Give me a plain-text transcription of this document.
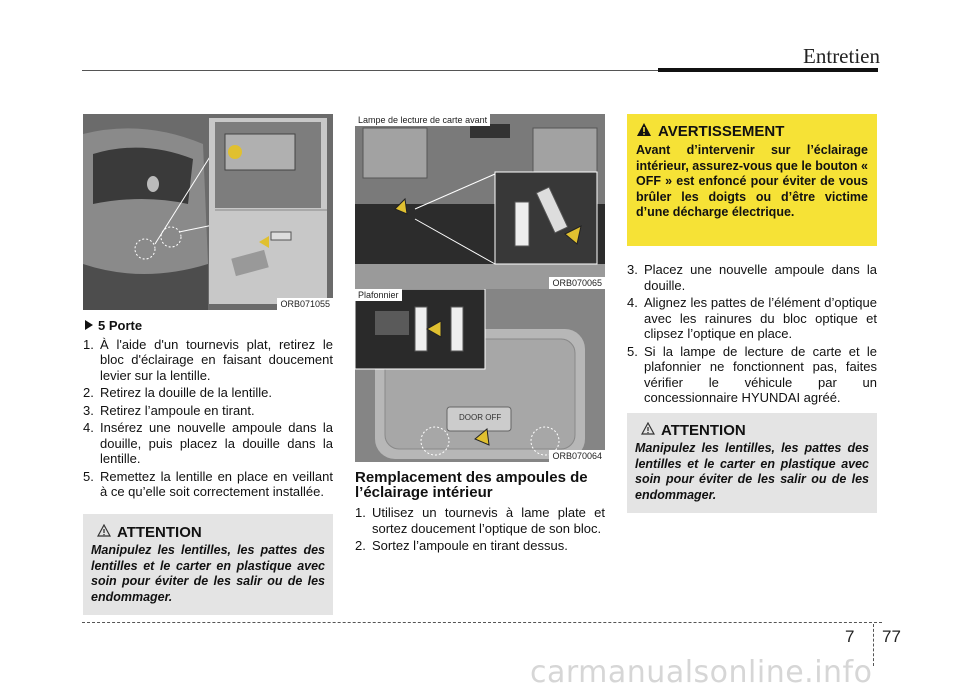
Entretien
ORB071055
5 Porte
1. À l'aide d'un tournevis plat, retirez le bloc d'éclairage en faisant doucement levier sur la lentille.
2. Retirez la douille de la lentille.
3. Retirez l’ampoule en tirant.
4. Insérez une nouvelle ampoule dans la douille, puis placez la douille dans la lentille.
5. Remettez la lentille en place en veillant à ce qu’elle soit correctement installée.
ATTENTION
Manipulez les lentilles, les pattes des lentilles et le carter en plastique avec soin pour éviter de les salir ou de les endommager.
Lampe de lecture de carte avant
ORB070065
DOOR OFF
Plafonnier
ORB070064
Remplacement des ampoules de l’éclairage intérieur
1. Utilisez un tournevis à lame plate et sortez doucement l’optique de son bloc.
2. Sortez l’ampoule en tirant dessus.
AVERTISSEMENT
Avant d’intervenir sur l’éclairage intérieur, assurez-vous que le bouton « OFF » est enfoncé pour éviter de vous brûler les doigts ou d’être victime d’une décharge électrique.
3. Placez une nouvelle ampoule dans la douille.
4. Alignez les pattes de l’élément d’optique avec les rainures du bloc optique et clipsez l’optique en place.
5. Si la lampe de lecture de carte et le plafonnier ne fonctionnent pas, faites vérifier le véhicule par un concessionnaire HYUNDAI agréé.
ATTENTION
Manipulez les lentilles, les pattes des lentilles et le carter en plastique avec soin pour éviter de les salir ou de les endommager.
7 77
carmanualsonline.info
